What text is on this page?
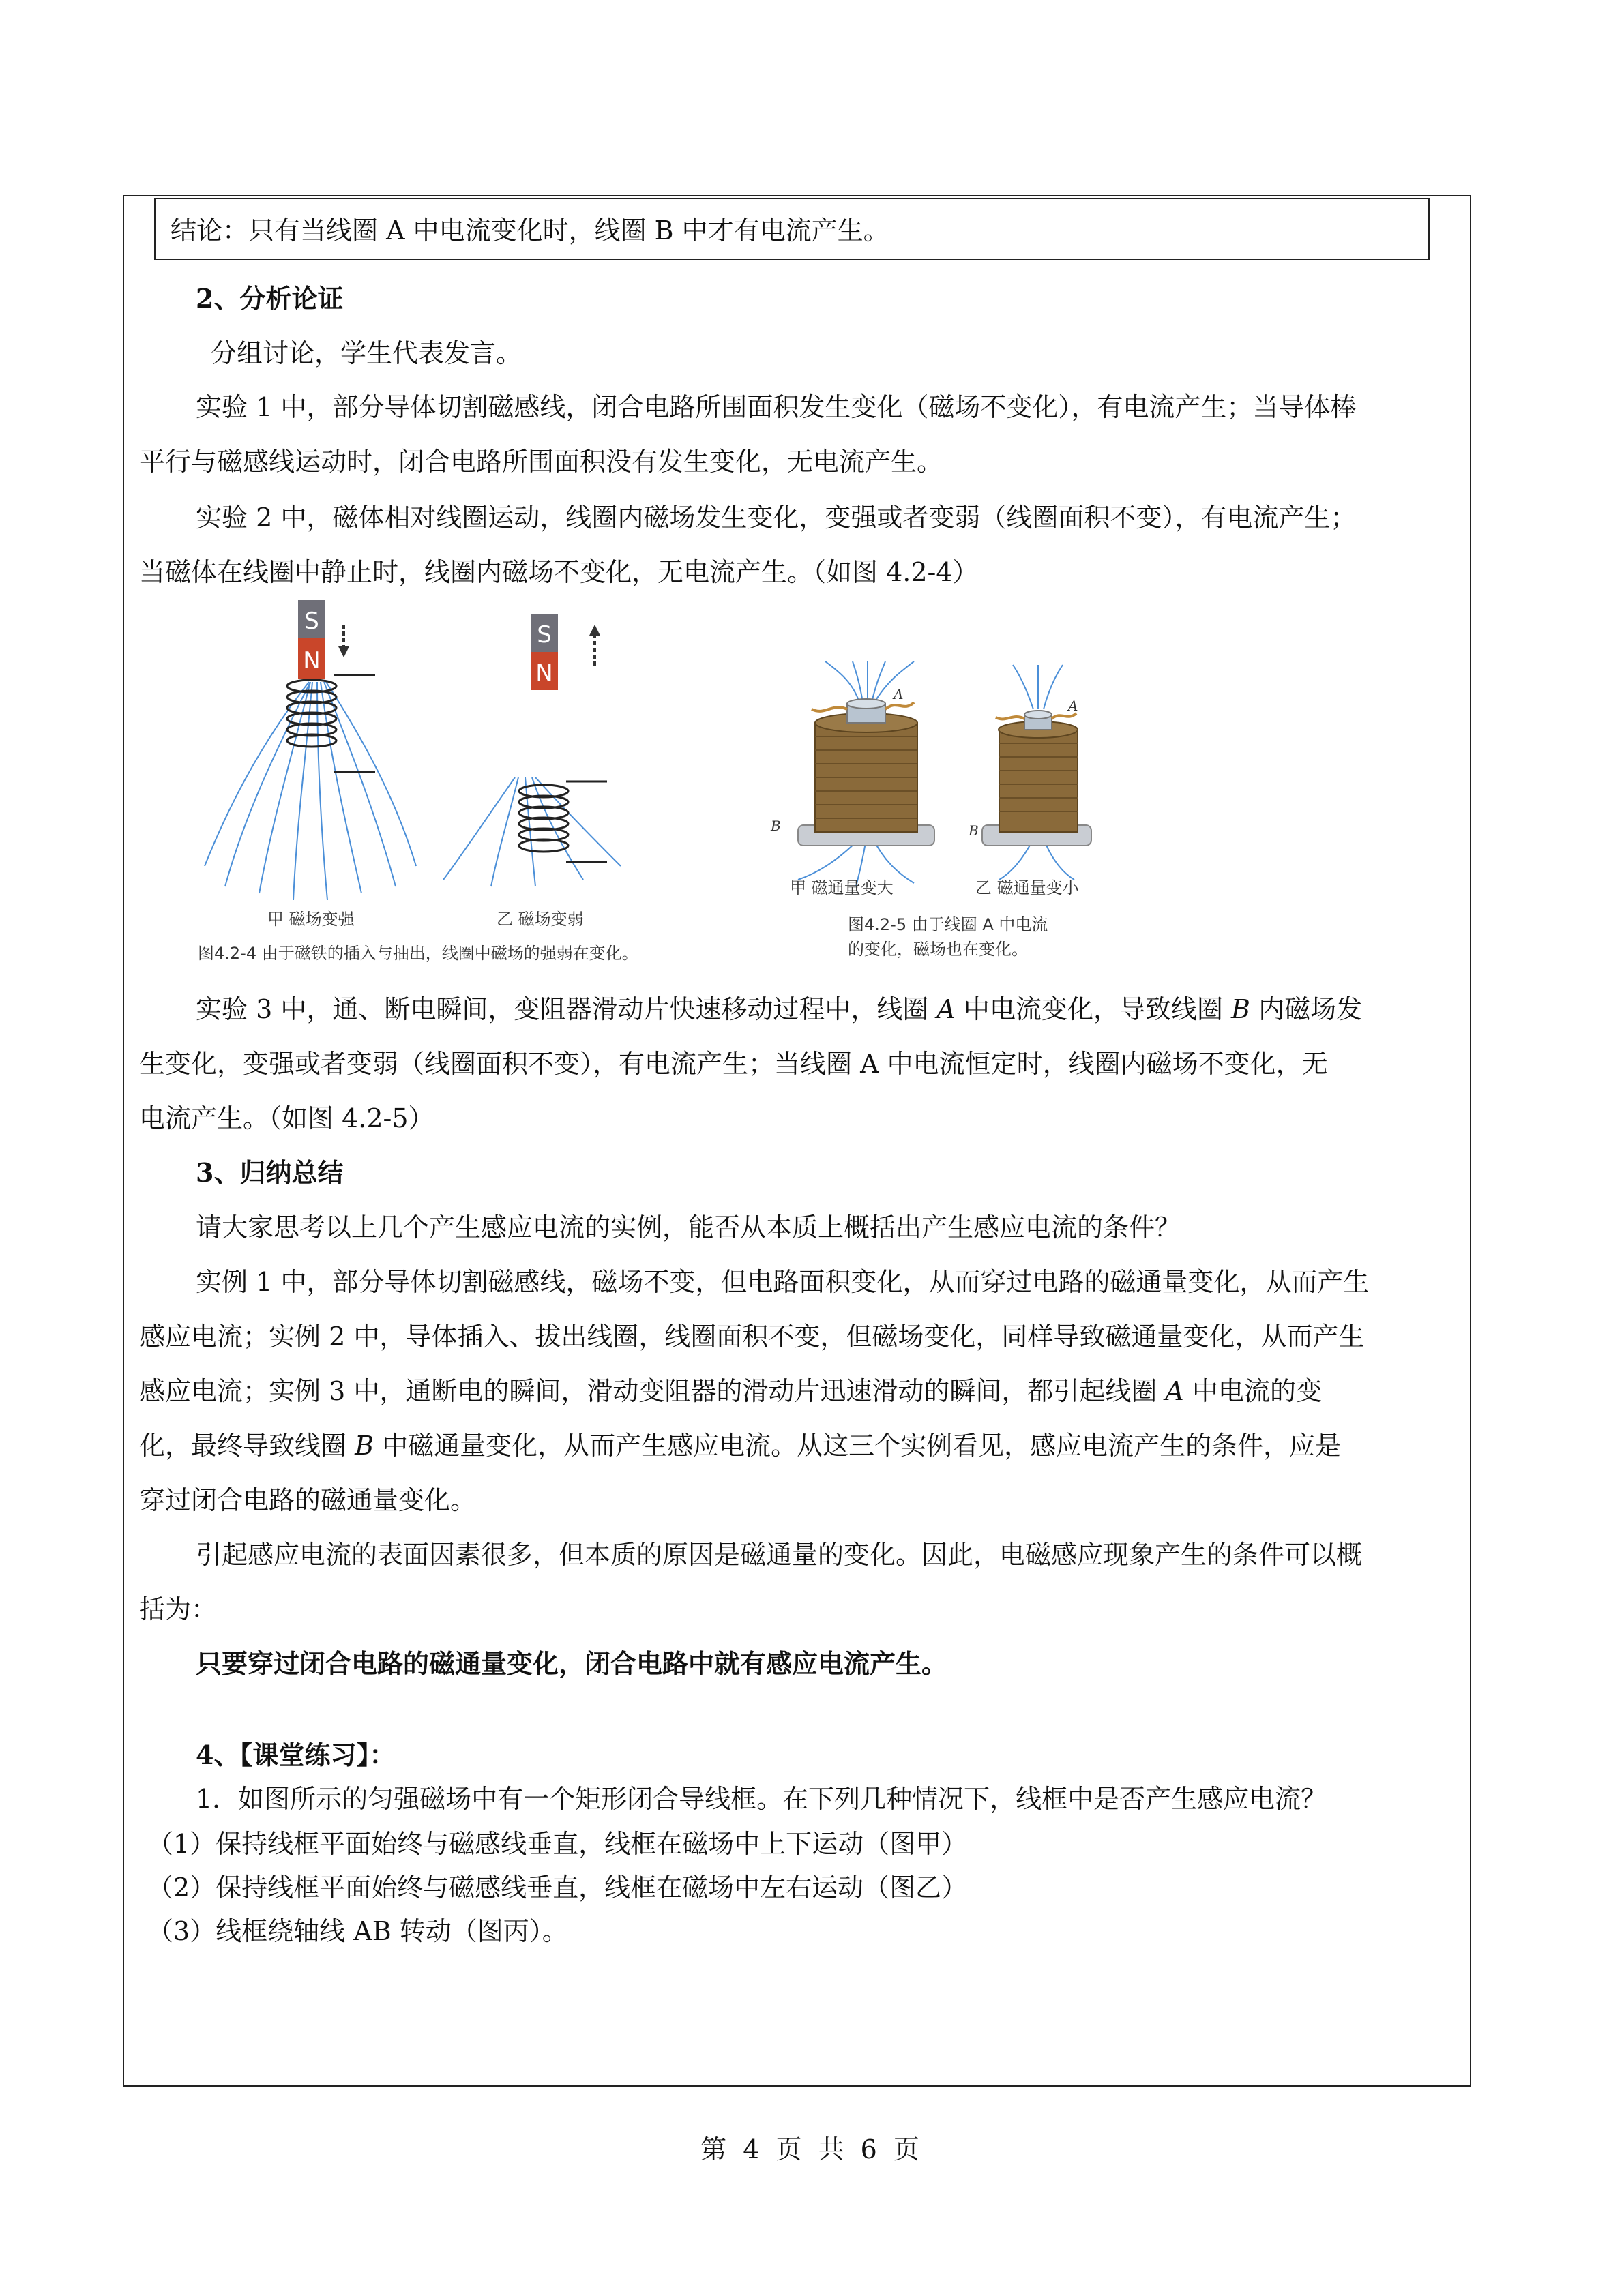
结论：只有当线圈 A 中电流变化时，线圈 B 中才有电流产生。
2、分析论证
分组讨论，学生代表发言。
实验 1 中，部分导体切割磁感线，闭合电路所围面积发生变化（磁场不变化），有电流产生；当导体棒
平行与磁感线运动时，闭合电路所围面积没有发生变化，无电流产生。
实验 2 中，磁体相对线圈运动，线圈内磁场发生变化，变强或者变弱（线圈面积不变），有电流产生；
当磁体在线圈中静止时，线圈内磁场不变化，无电流产生。（如图 4.2-4）
S
N
S
N
甲 磁场变强	乙 磁场变弱
图4.2-4 由于磁铁的插入与抽出，线圈中磁场的强弱在变化。
A
B
A
B
甲 磁通量变大	乙 磁通量变小
图4.2-5 由于线圈 A 中电流
的变化，磁场也在变化。
实验 3 中，通、断电瞬间，变阻器滑动片快速移动过程中，线圈 A 中电流变化，导致线圈 B 内磁场发
生变化，变强或者变弱（线圈面积不变），有电流产生；当线圈 A 中电流恒定时，线圈内磁场不变化，无
电流产生。（如图 4.2-5）
3、归纳总结
请大家思考以上几个产生感应电流的实例，能否从本质上概括出产生感应电流的条件？
实例 1 中，部分导体切割磁感线，磁场不变，但电路面积变化，从而穿过电路的磁通量变化，从而产生
感应电流；实例 2 中，导体插入、拔出线圈，线圈面积不变，但磁场变化，同样导致磁通量变化，从而产生
感应电流；实例 3 中，通断电的瞬间，滑动变阻器的滑动片迅速滑动的瞬间，都引起线圈 A 中电流的变
化，最终导致线圈 B 中磁通量变化，从而产生感应电流。从这三个实例看见，感应电流产生的条件，应是
穿过闭合电路的磁通量变化。
引起感应电流的表面因素很多，但本质的原因是磁通量的变化。因此，电磁感应现象产生的条件可以概
括为：
只要穿过闭合电路的磁通量变化，闭合电路中就有感应电流产生。
4、【课堂练习】：
1．如图所示的匀强磁场中有一个矩形闭合导线框。在下列几种情况下，线框中是否产生感应电流？
（1）保持线框平面始终与磁感线垂直，线框在磁场中上下运动（图甲）
（2）保持线框平面始终与磁感线垂直，线框在磁场中左右运动（图乙）
（3）线框绕轴线 AB 转动（图丙）。
第 4 页 共 6 页
